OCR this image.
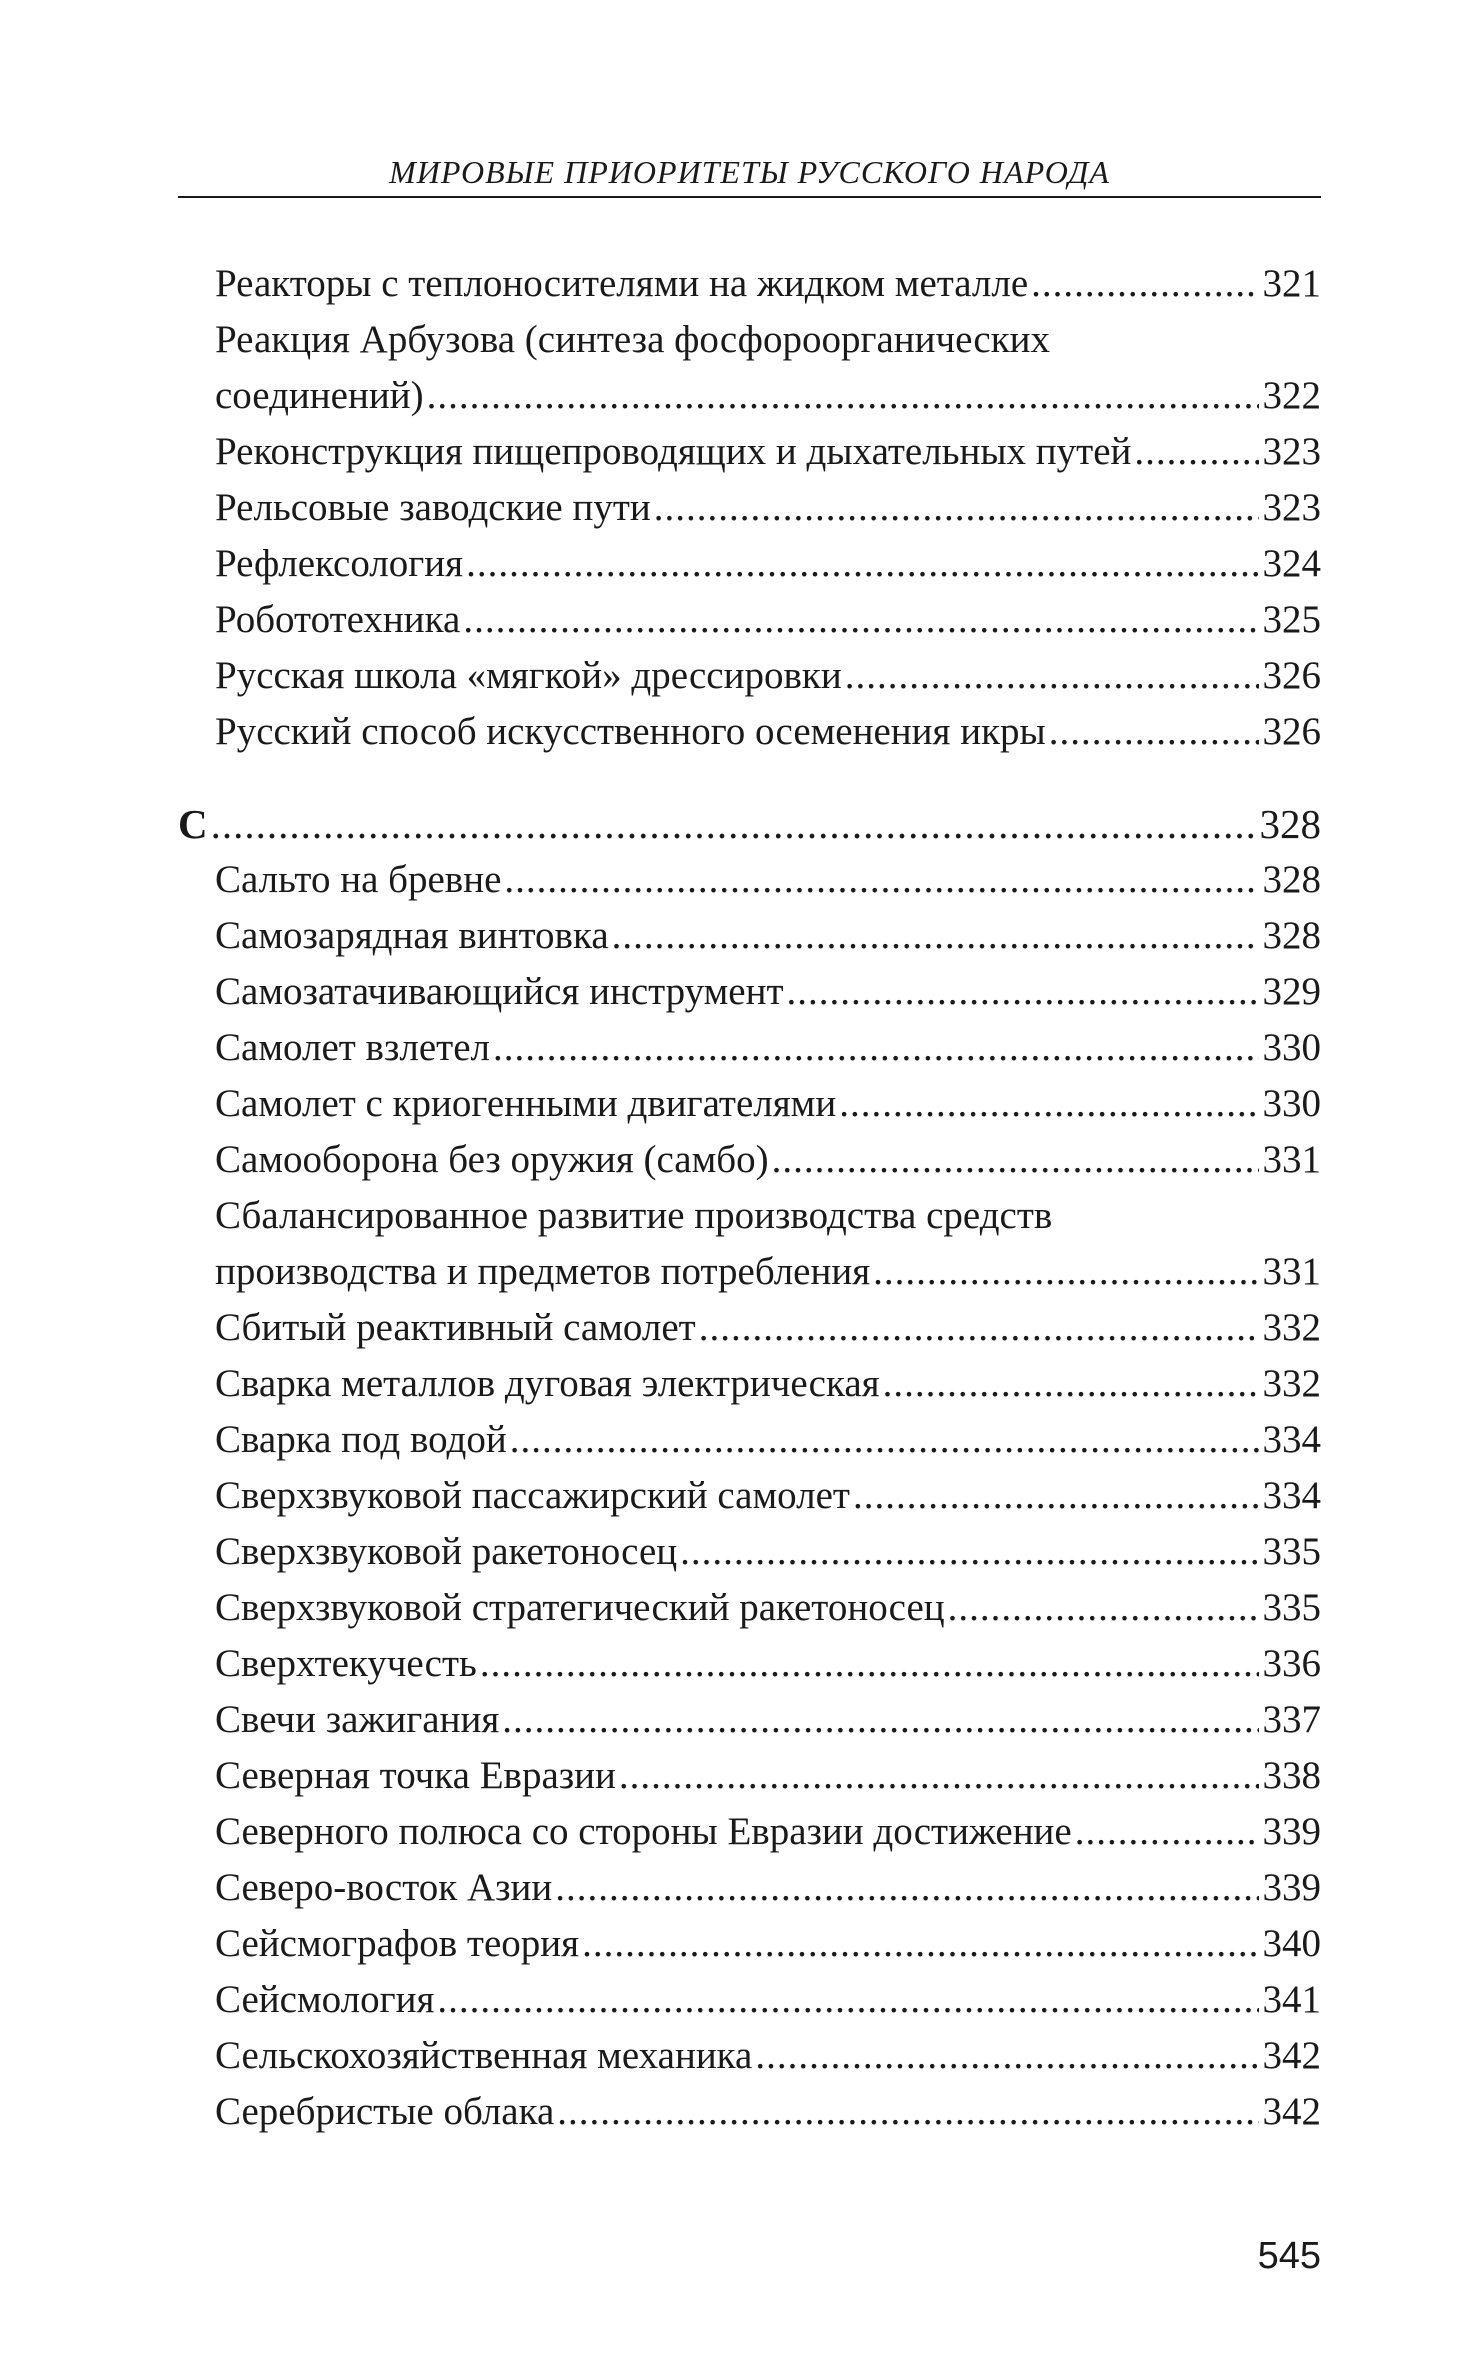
МИРОВЫЕ ПРИОРИТЕТЫ РУССКОГО НАРОДА
Реакторы с теплоносителями на жидком металле .....	321
Реакция Арбузова (синтеза фосфороорганических
соединений) .....	322
Реконструкция пищепроводящих и дыхательных путей .....	323
Рельсовые заводские пути .....	323
Рефлексология .....	324
Робототехника .....	325
Русская школа «мягкой» дрессировки .....	326
Русский способ искусственного осеменения икры .....	326
С .....	328
Сальто на бревне .....	328
Самозарядная винтовка .....	328
Самозатачивающийся инструмент .....	329
Самолет взлетел .....	330
Самолет с криогенными двигателями .....	330
Самооборона без оружия (самбо) .....	331
Сбалансированное развитие производства средств
производства и предметов потребления .....	331
Сбитый реактивный самолет .....	332
Сварка металлов дуговая электрическая .....	332
Сварка под водой .....	334
Сверхзвуковой пассажирский самолет .....	334
Сверхзвуковой ракетоносец .....	335
Сверхзвуковой стратегический ракетоносец .....	335
Сверхтекучесть .....	336
Свечи зажигания .....	337
Северная точка Евразии .....	338
Северного полюса со стороны Евразии достижение .....	339
Северо-восток Азии .....	339
Сейсмографов теория .....	340
Сейсмология .....	341
Сельскохозяйственная механика .....	342
Серебристые облака .....	342
545
